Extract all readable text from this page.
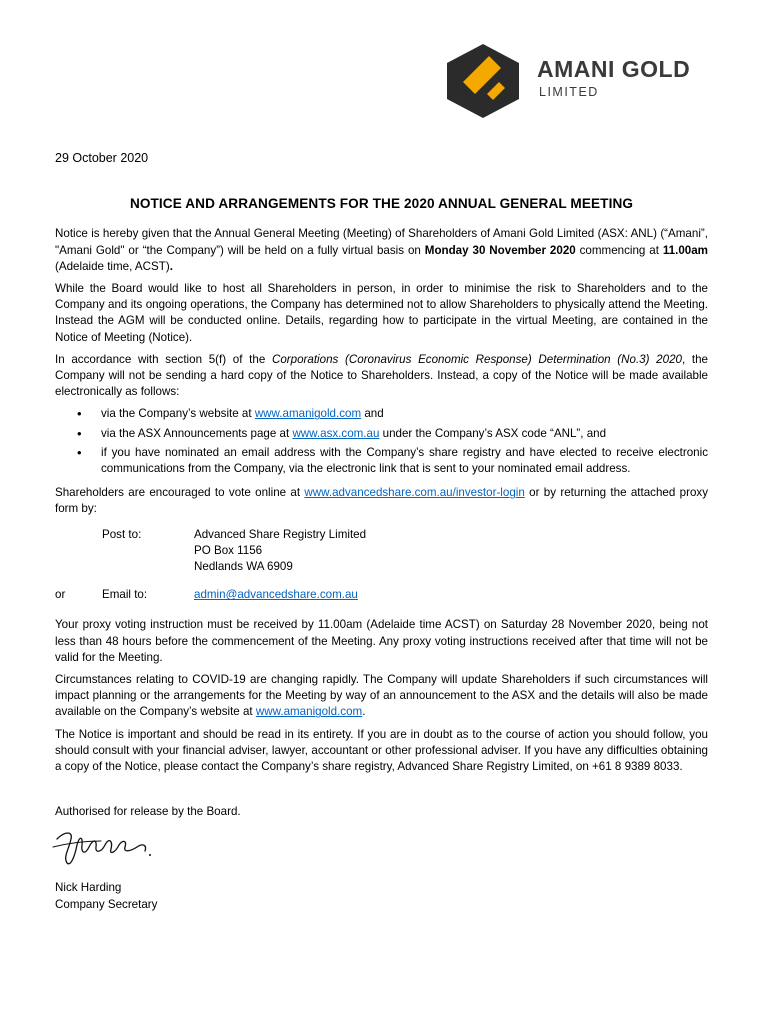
AMANI GOLD
LIMITED

29 October 2020

NOTICE AND ARRANGEMENTS FOR THE 2020 ANNUAL GENERAL MEETING

Notice is hereby given that the Annual General Meeting (Meeting) of Shareholders of Amani Gold Limited (ASX: ANL) (“Amani”, "Amani Gold" or “the Company”) will be held on a fully virtual basis on Monday 30 November 2020 commencing at 11.00am (Adelaide time, ACST).

While the Board would like to host all Shareholders in person, in order to minimise the risk to Shareholders and to the Company and its ongoing operations, the Company has determined not to allow Shareholders to physically attend the Meeting. Instead the AGM will be conducted online. Details, regarding how to participate in the virtual Meeting, are contained in the Notice of Meeting (Notice).

In accordance with section 5(f) of the Corporations (Coronavirus Economic Response) Determination (No.3) 2020, the Company will not be sending a hard copy of the Notice to Shareholders. Instead, a copy of the Notice will be made available electronically as follows:

• via the Company’s website at www.amanigold.com and
• via the ASX Announcements page at www.asx.com.au under the Company’s ASX code “ANL”, and
• if you have nominated an email address with the Company’s share registry and have elected to receive electronic communications from the Company, via the electronic link that is sent to your nominated email address.

Shareholders are encouraged to vote online at www.advancedshare.com.au/investor-login or by returning the attached proxy form by:

Post to:	Advanced Share Registry Limited
PO Box 1156
Nedlands WA 6909
or	Email to:	admin@advancedshare.com.au

Your proxy voting instruction must be received by 11.00am (Adelaide time ACST) on Saturday 28 November 2020, being not less than 48 hours before the commencement of the Meeting. Any proxy voting instructions received after that time will not be valid for the Meeting.

Circumstances relating to COVID-19 are changing rapidly. The Company will update Shareholders if such circumstances will impact planning or the arrangements for the Meeting by way of an announcement to the ASX and the details will also be made available on the Company’s website at www.amanigold.com.

The Notice is important and should be read in its entirety. If you are in doubt as to the course of action you should follow, you should consult with your financial adviser, lawyer, accountant or other professional adviser. If you have any difficulties obtaining a copy of the Notice, please contact the Company’s share registry, Advanced Share Registry Limited, on +61 8 9389 8033.

Authorised for release by the Board.
Nick Harding
Company Secretary
